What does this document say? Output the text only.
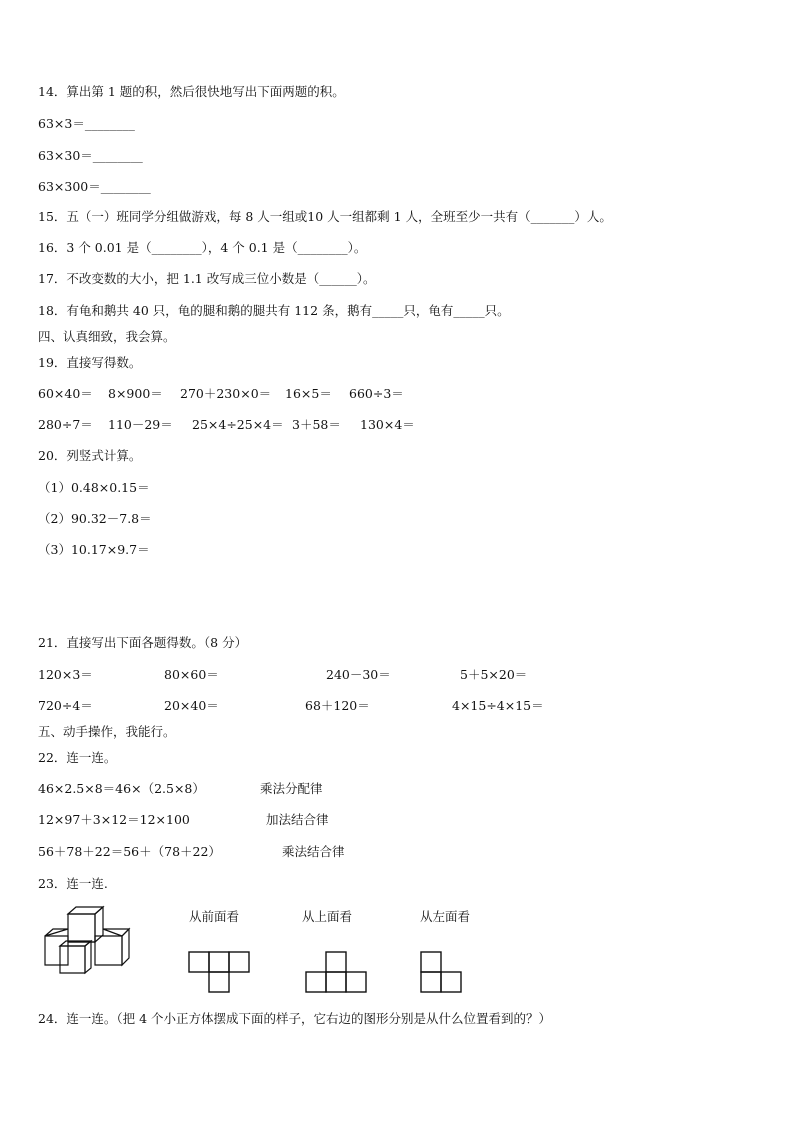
14．算出第 1 题的积，然后很快地写出下面两题的积。
63×3＝________
63×30＝________
63×300＝________
15．五（一）班同学分组做游戏，每 8 人一组或10 人一组都剩 1 人，全班至少一共有（_______）人。
16．3 个 0.01 是（________），4 个 0.1 是（________）。
17．不改变数的大小，把 1.1 改写成三位小数是（______）。
18．有龟和鹅共 40 只，龟的腿和鹅的腿共有 112 条，鹅有_____只，龟有_____只。
四、认真细致，我会算。
19．直接写得数。
60×40＝ 8×900＝ 270＋230×0＝ 16×5＝ 660÷3＝
280÷7＝ 110－29＝ 25×4÷25×4＝ 3＋58＝ 130×4＝
20．列竖式计算。
（1）0.48×0.15＝
（2）90.32－7.8＝
（3）10.17×9.7＝
21．直接写出下面各题得数。（8 分）
120×3＝	80×60＝	240－30＝	5＋5×20＝
720÷4＝	20×40＝	68＋120＝	4×15÷4×15＝
五、动手操作，我能行。
22．连一连。
46×2.5×8＝46×（2.5×8）	乘法分配律
12×97＋3×12＝12×100	加法结合律
56＋78＋22＝56＋（78＋22）	乘法结合律
23．连一连.
从前面看	从上面看	从左面看
24．连一连。（把 4 个小正方体摆成下面的样子，它右边的图形分别是从什么位置看到的？）
